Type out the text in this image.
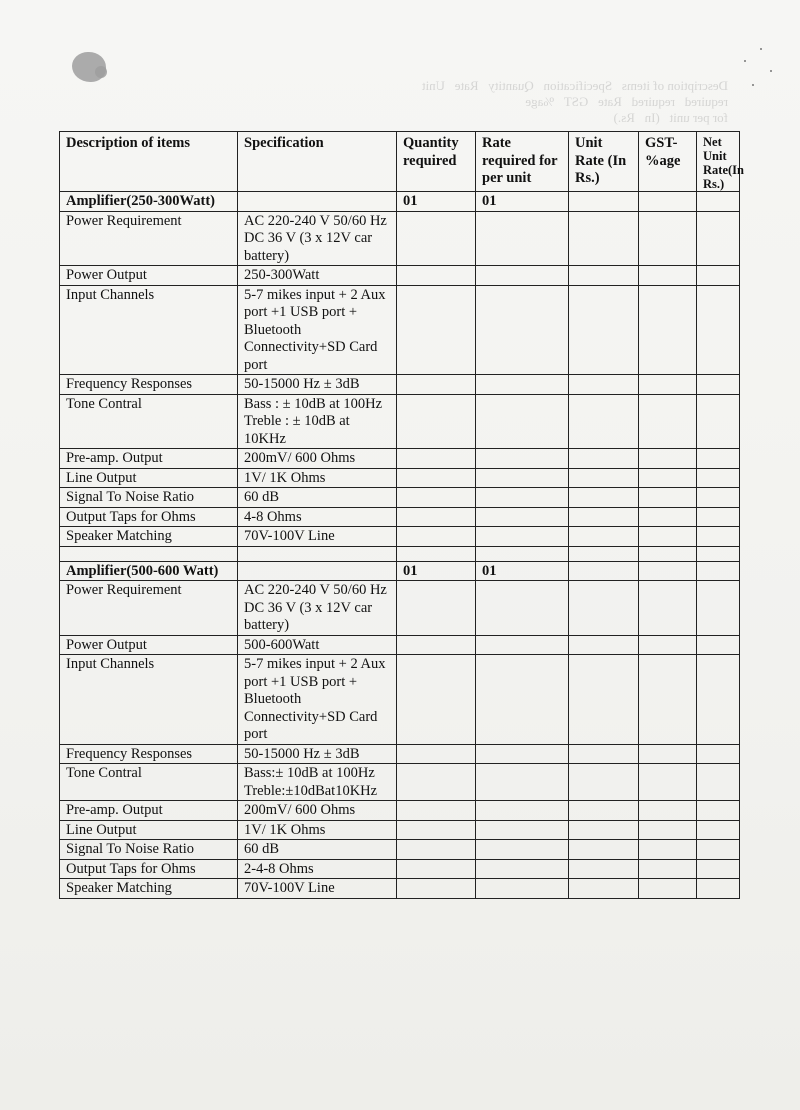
Description of items   Specification   Quantity   Rate   Unit
required   required   Rate   GST   %age
for per unit   (In   Rs.)
Description of items	Specification	Quantity required	Rate required for per unit	Unit Rate (In Rs.)	GST-%age	Net Unit Rate(In Rs.)
Amplifier(250-300Watt)		01	01			
Power Requirement	AC 220-240 V 50/60 Hz
DC 36 V (3 x 12V car battery)					
Power Output	250-300Watt					
Input Channels	5-7 mikes input + 2 Aux port +1 USB port + Bluetooth Connectivity+SD Card port					
Frequency Responses	50-15000 Hz ± 3dB					
Tone Contral	Bass : ± 10dB at 100Hz
Treble : ± 10dB at 10KHz					
Pre-amp. Output	200mV/ 600 Ohms					
Line Output	1V/ 1K Ohms					
Signal To Noise Ratio	60 dB					
Output Taps for Ohms	4-8 Ohms					
Speaker Matching	70V-100V Line					

Amplifier(500-600 Watt)		01	01			
Power Requirement	AC 220-240 V 50/60 Hz
DC 36 V (3 x 12V car battery)					
Power Output	500-600Watt					
Input Channels	5-7 mikes input + 2 Aux port +1 USB port + Bluetooth Connectivity+SD Card port					
Frequency Responses	50-15000 Hz ± 3dB					
Tone Contral	Bass:± 10dB at 100Hz
Treble:±10dBat10KHz					
Pre-amp. Output	200mV/ 600 Ohms					
Line Output	1V/ 1K Ohms					
Signal To Noise Ratio	60 dB					
Output Taps for Ohms	2-4-8 Ohms					
Speaker Matching	70V-100V Line					
